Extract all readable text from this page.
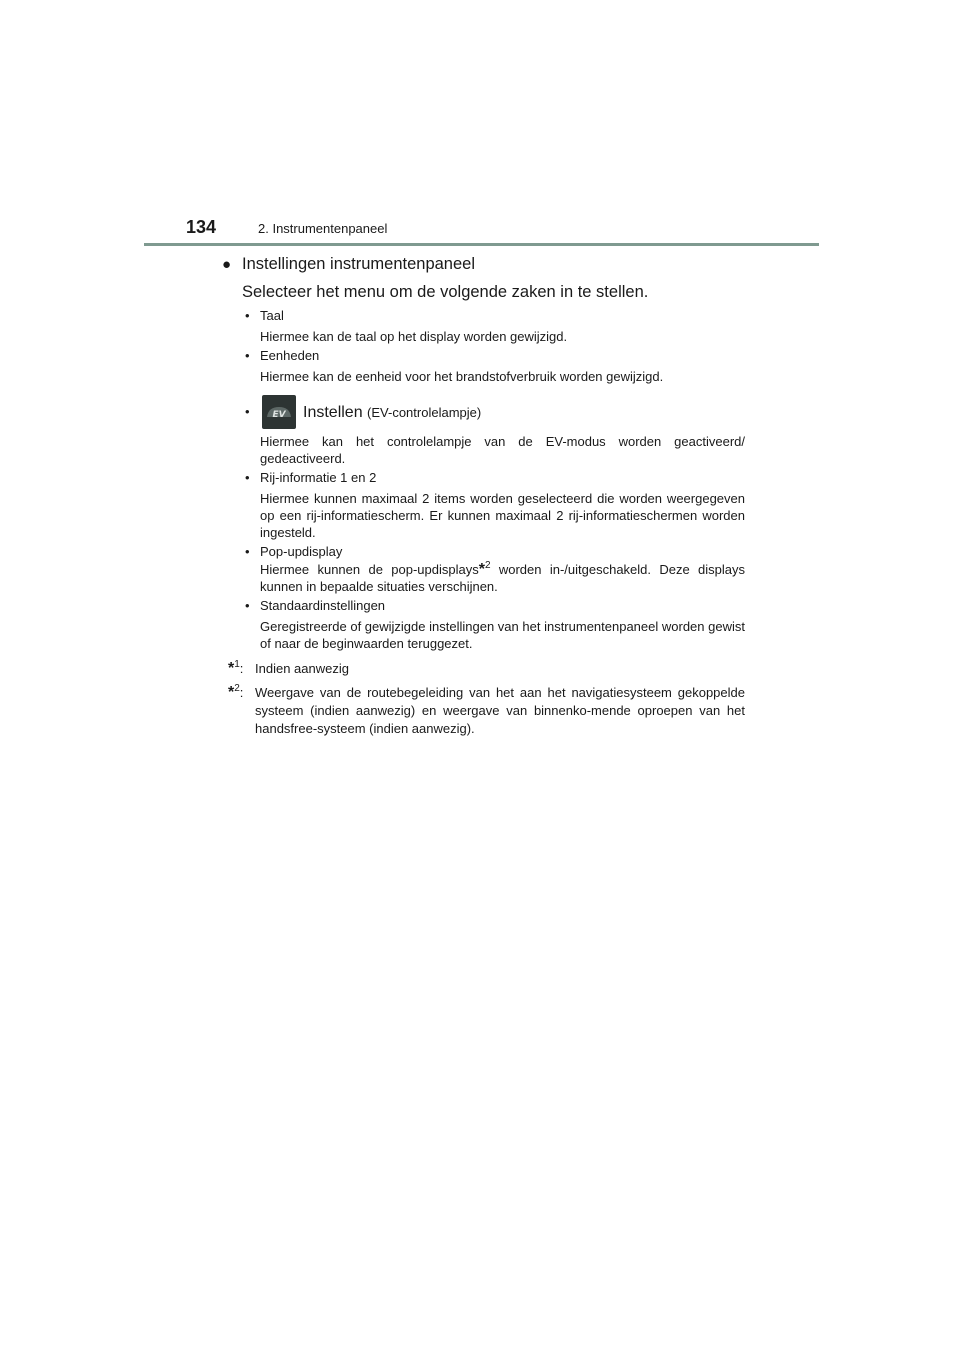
134	2. Instrumentenpaneel
● Instellingen instrumentenpaneel
Selecteer het menu om de volgende zaken in te stellen.
• Taal
Hiermee kan de taal op het display worden gewijzigd.
• Eenheden
Hiermee kan de eenheid voor het brandstofverbruik worden gewijzigd.
•	EV Instellen (EV-controlelampje)
Hiermee kan het controlelampje van de EV-modus worden geactiveerd/ gedeactiveerd.
• Rij-informatie 1 en 2
Hiermee kunnen maximaal 2 items worden geselecteerd die worden weergegeven op een rij-informatiescherm. Er kunnen maximaal 2 rij-informatieschermen worden ingesteld.
• Pop-updisplay
Hiermee kunnen de pop-updisplays*$^2$ worden in-/uitgeschakeld. Deze displays kunnen in bepaalde situaties verschijnen.
• Standaardinstellingen
Geregistreerde of gewijzigde instellingen van het instrumentenpaneel worden gewist of naar de beginwaarden teruggezet.
*$^1$: Indien aanwezig
*$^2$: Weergave van de routebegeleiding van het aan het navigatiesysteem gekoppelde systeem (indien aanwezig) en weergave van binnenko-mende oproepen van het handsfree-systeem (indien aanwezig).
